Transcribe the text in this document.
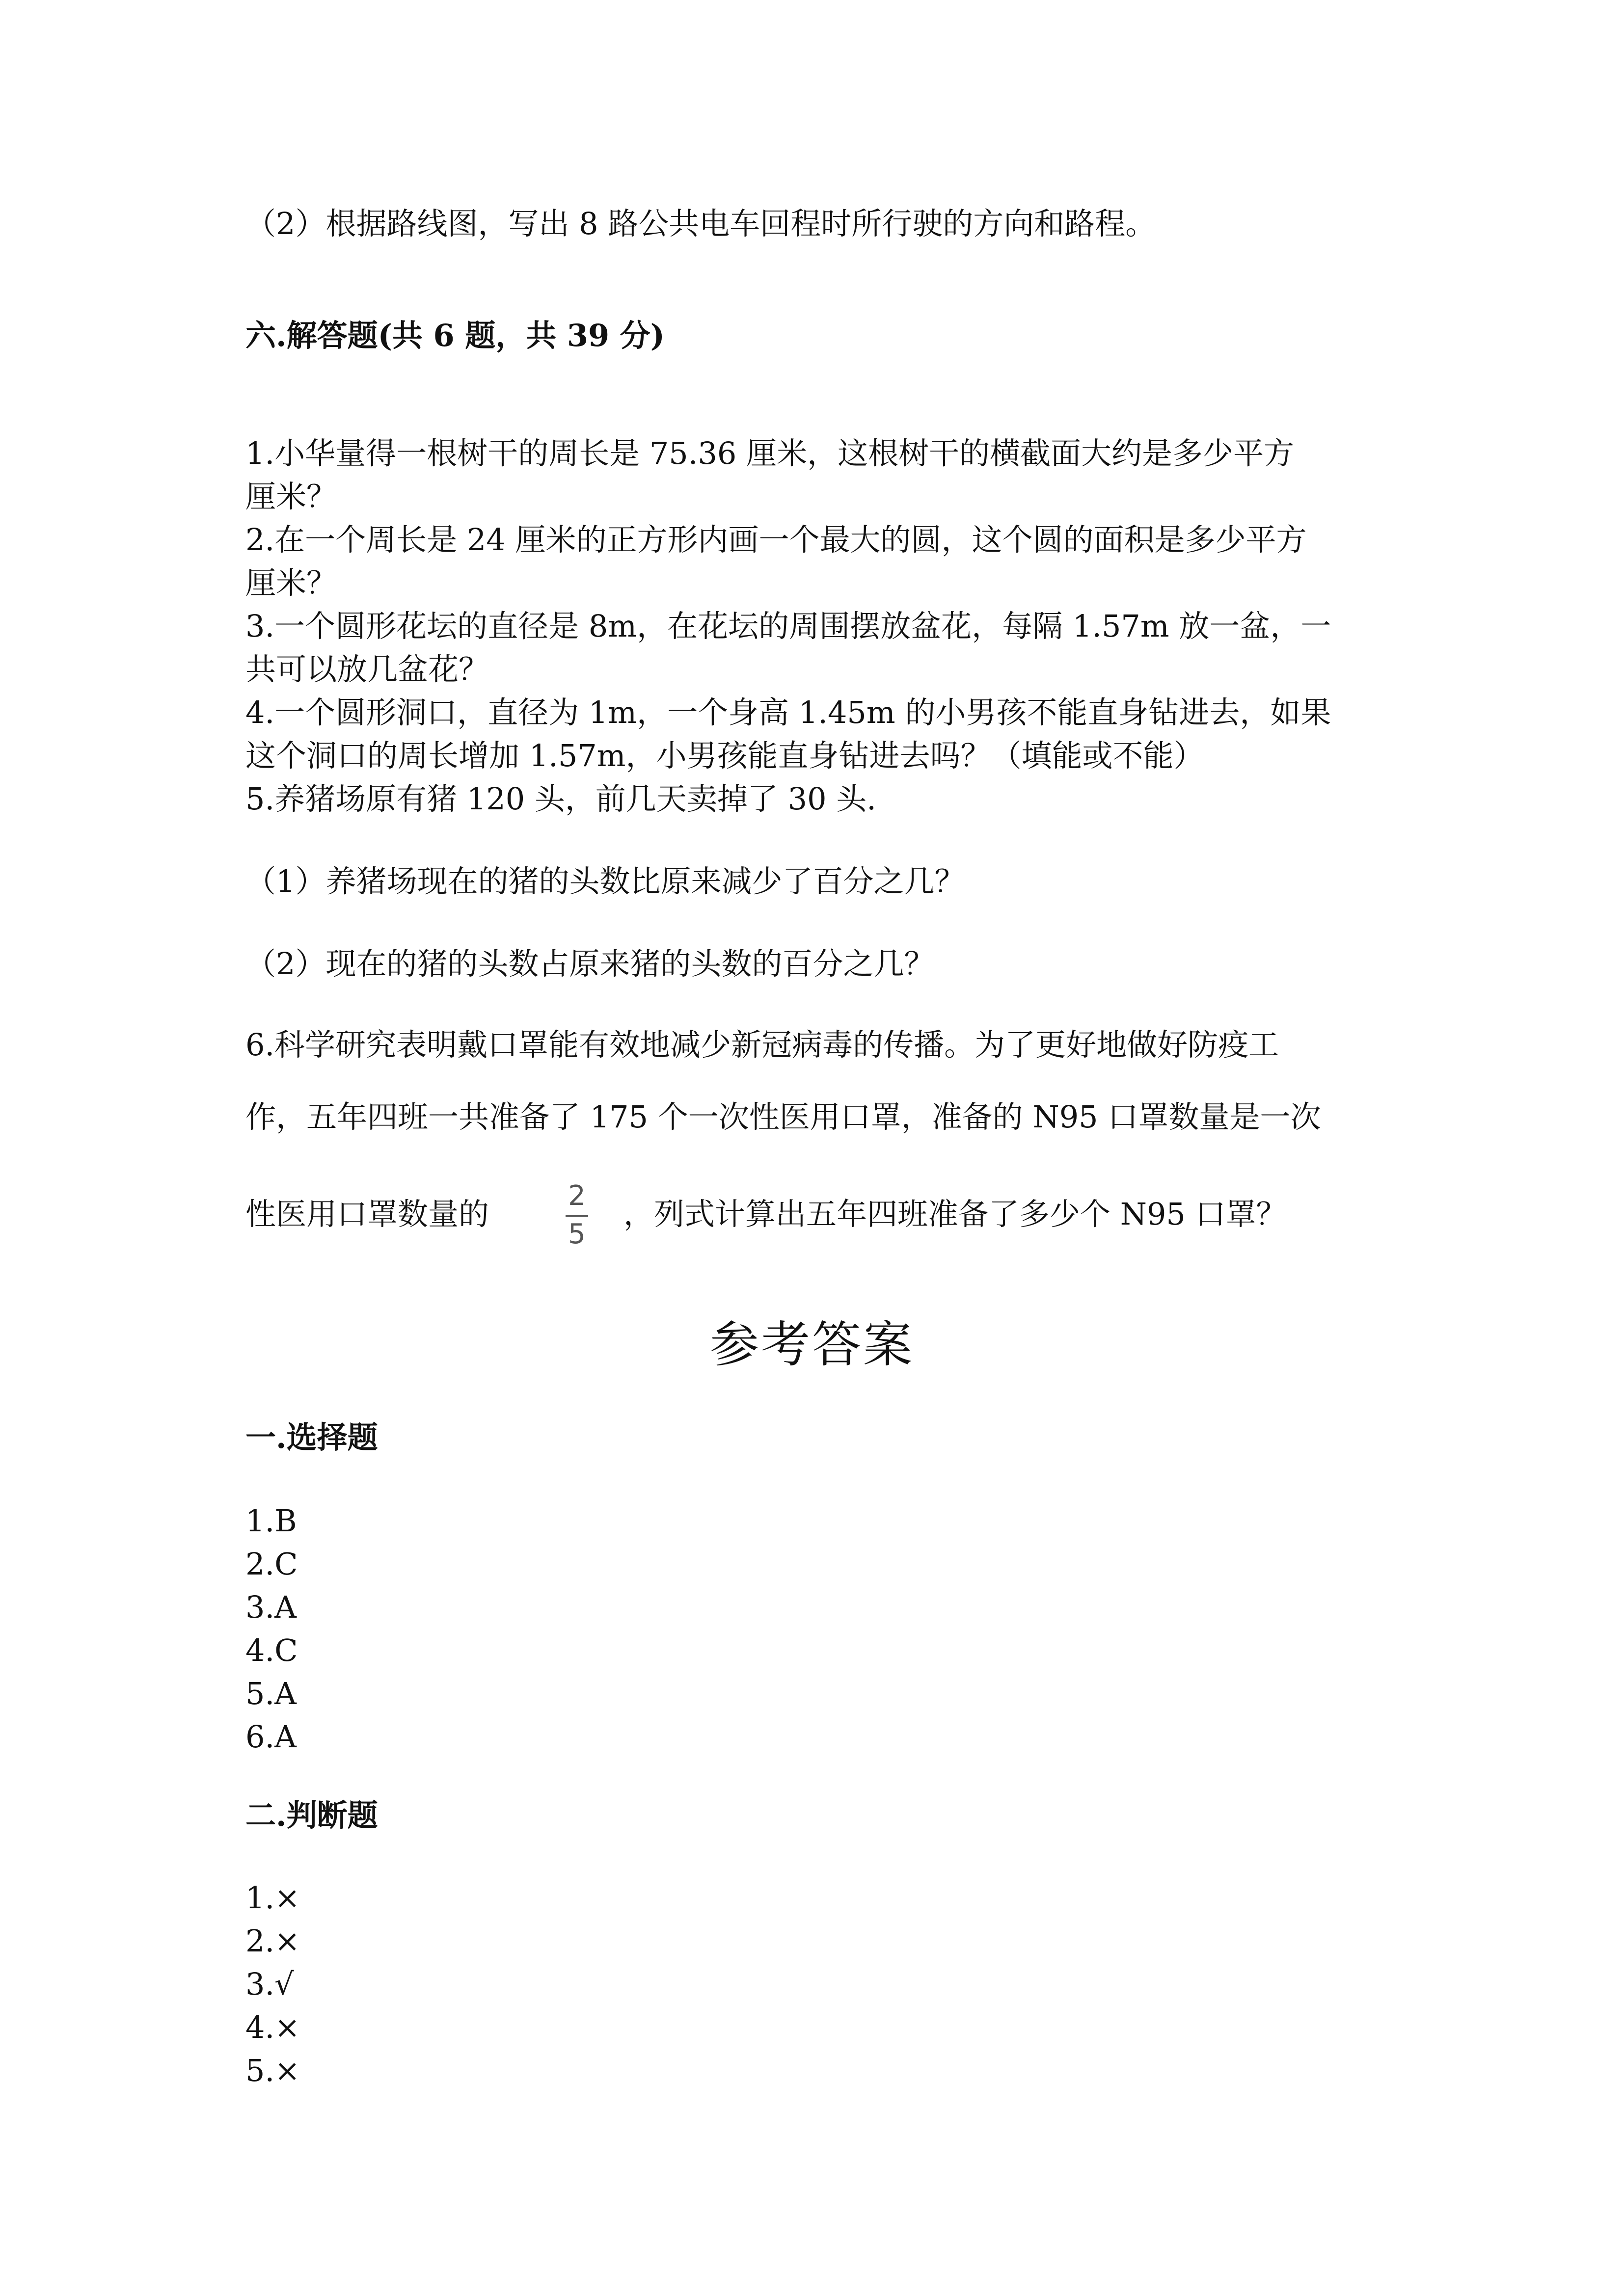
（2）根据路线图，写出 8 路公共电车回程时所行驶的方向和路程。

六.解答题(共 6 题，共 39 分)

1.小华量得一根树干的周长是 75.36 厘米，这根树干的横截面大约是多少平方

厘米？

2.在一个周长是 24 厘米的正方形内画一个最大的圆，这个圆的面积是多少平方

厘米？

3.一个圆形花坛的直径是 8m，在花坛的周围摆放盆花，每隔 1.57m 放一盆，一

共可以放几盆花？

4.一个圆形洞口，直径为 1m，一个身高 1.45m 的小男孩不能直身钻进去，如果

这个洞口的周长增加 1.57m，小男孩能直身钻进去吗？（填能或不能）

5.养猪场原有猪 120 头，前几天卖掉了 30 头.

（1）养猪场现在的猪的头数比原来减少了百分之几？

（2）现在的猪的头数占原来猪的头数的百分之几？

6.科学研究表明戴口罩能有效地减少新冠病毒的传播。为了更好地做好防疫工

作，五年四班一共准备了 175 个一次性医用口罩，准备的 N95 口罩数量是一次

性医用口罩数量的

2
5

，列式计算出五年四班准备了多少个 N95 口罩？

参考答案

一.选择题

1.B

2.C

3.A

4.C

5.A

6.A

二.判断题

1.×

2.×

3.√

4.×

5.×
